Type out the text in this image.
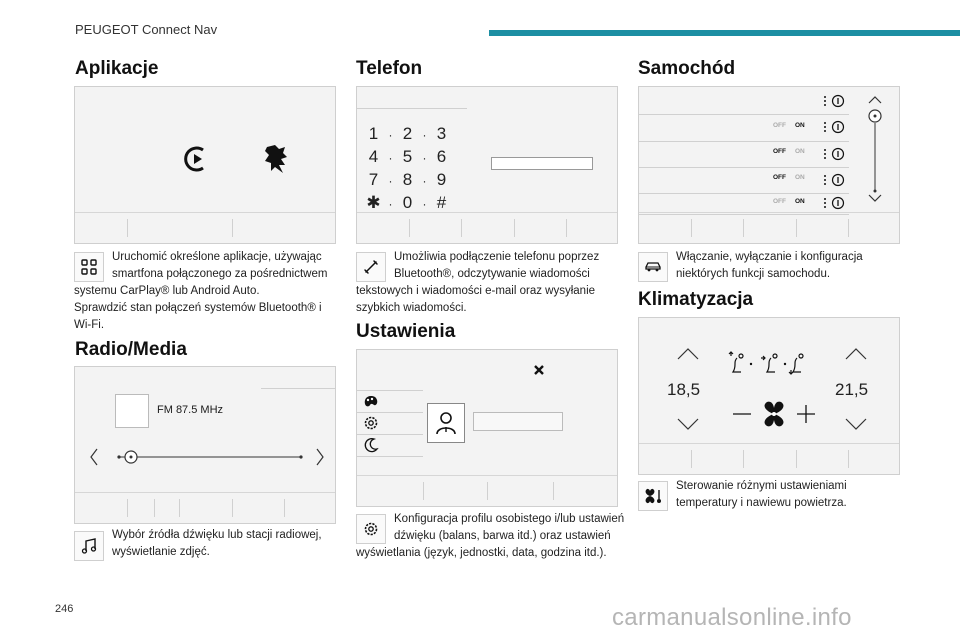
PEUGEOT Connect Nav
Aplikacje
Uruchomić określone aplikacje, używając
smartfona połączonego za pośrednictwem
systemu CarPlay® lub Android Auto.
Sprawdzić stan połączeń systemów Bluetooth® i
Wi-Fi.
Radio/Media
FM 87.5 MHz
Wybór źródła dźwięku lub stacji radiowej,
wyświetlanie zdjęć.
Telefon
1 · 2 · 3
4 · 5 · 6
7 · 8 · 9
✱ · 0 · #
Umożliwia podłączenie telefonu poprzez
Bluetooth®, odczytywanie wiadomości
tekstowych i wiadomości e-mail oraz wysyłanie
szybkich wiadomości.
Ustawienia
Konfiguracja profilu osobistego i/lub ustawień
dźwięku (balans, barwa itd.) oraz ustawień
wyświetlania (język, jednostki, data, godzina itd.).
Samochód
OFF ON
OFF ON
OFF ON
OFF ON
Włączanie, wyłączanie i konfiguracja
niektórych funkcji samochodu.
Klimatyzacja
18,5	21,5
Sterowanie różnymi ustawieniami
temperatury i nawiewu powietrza.
246	carmanualsonline.info
